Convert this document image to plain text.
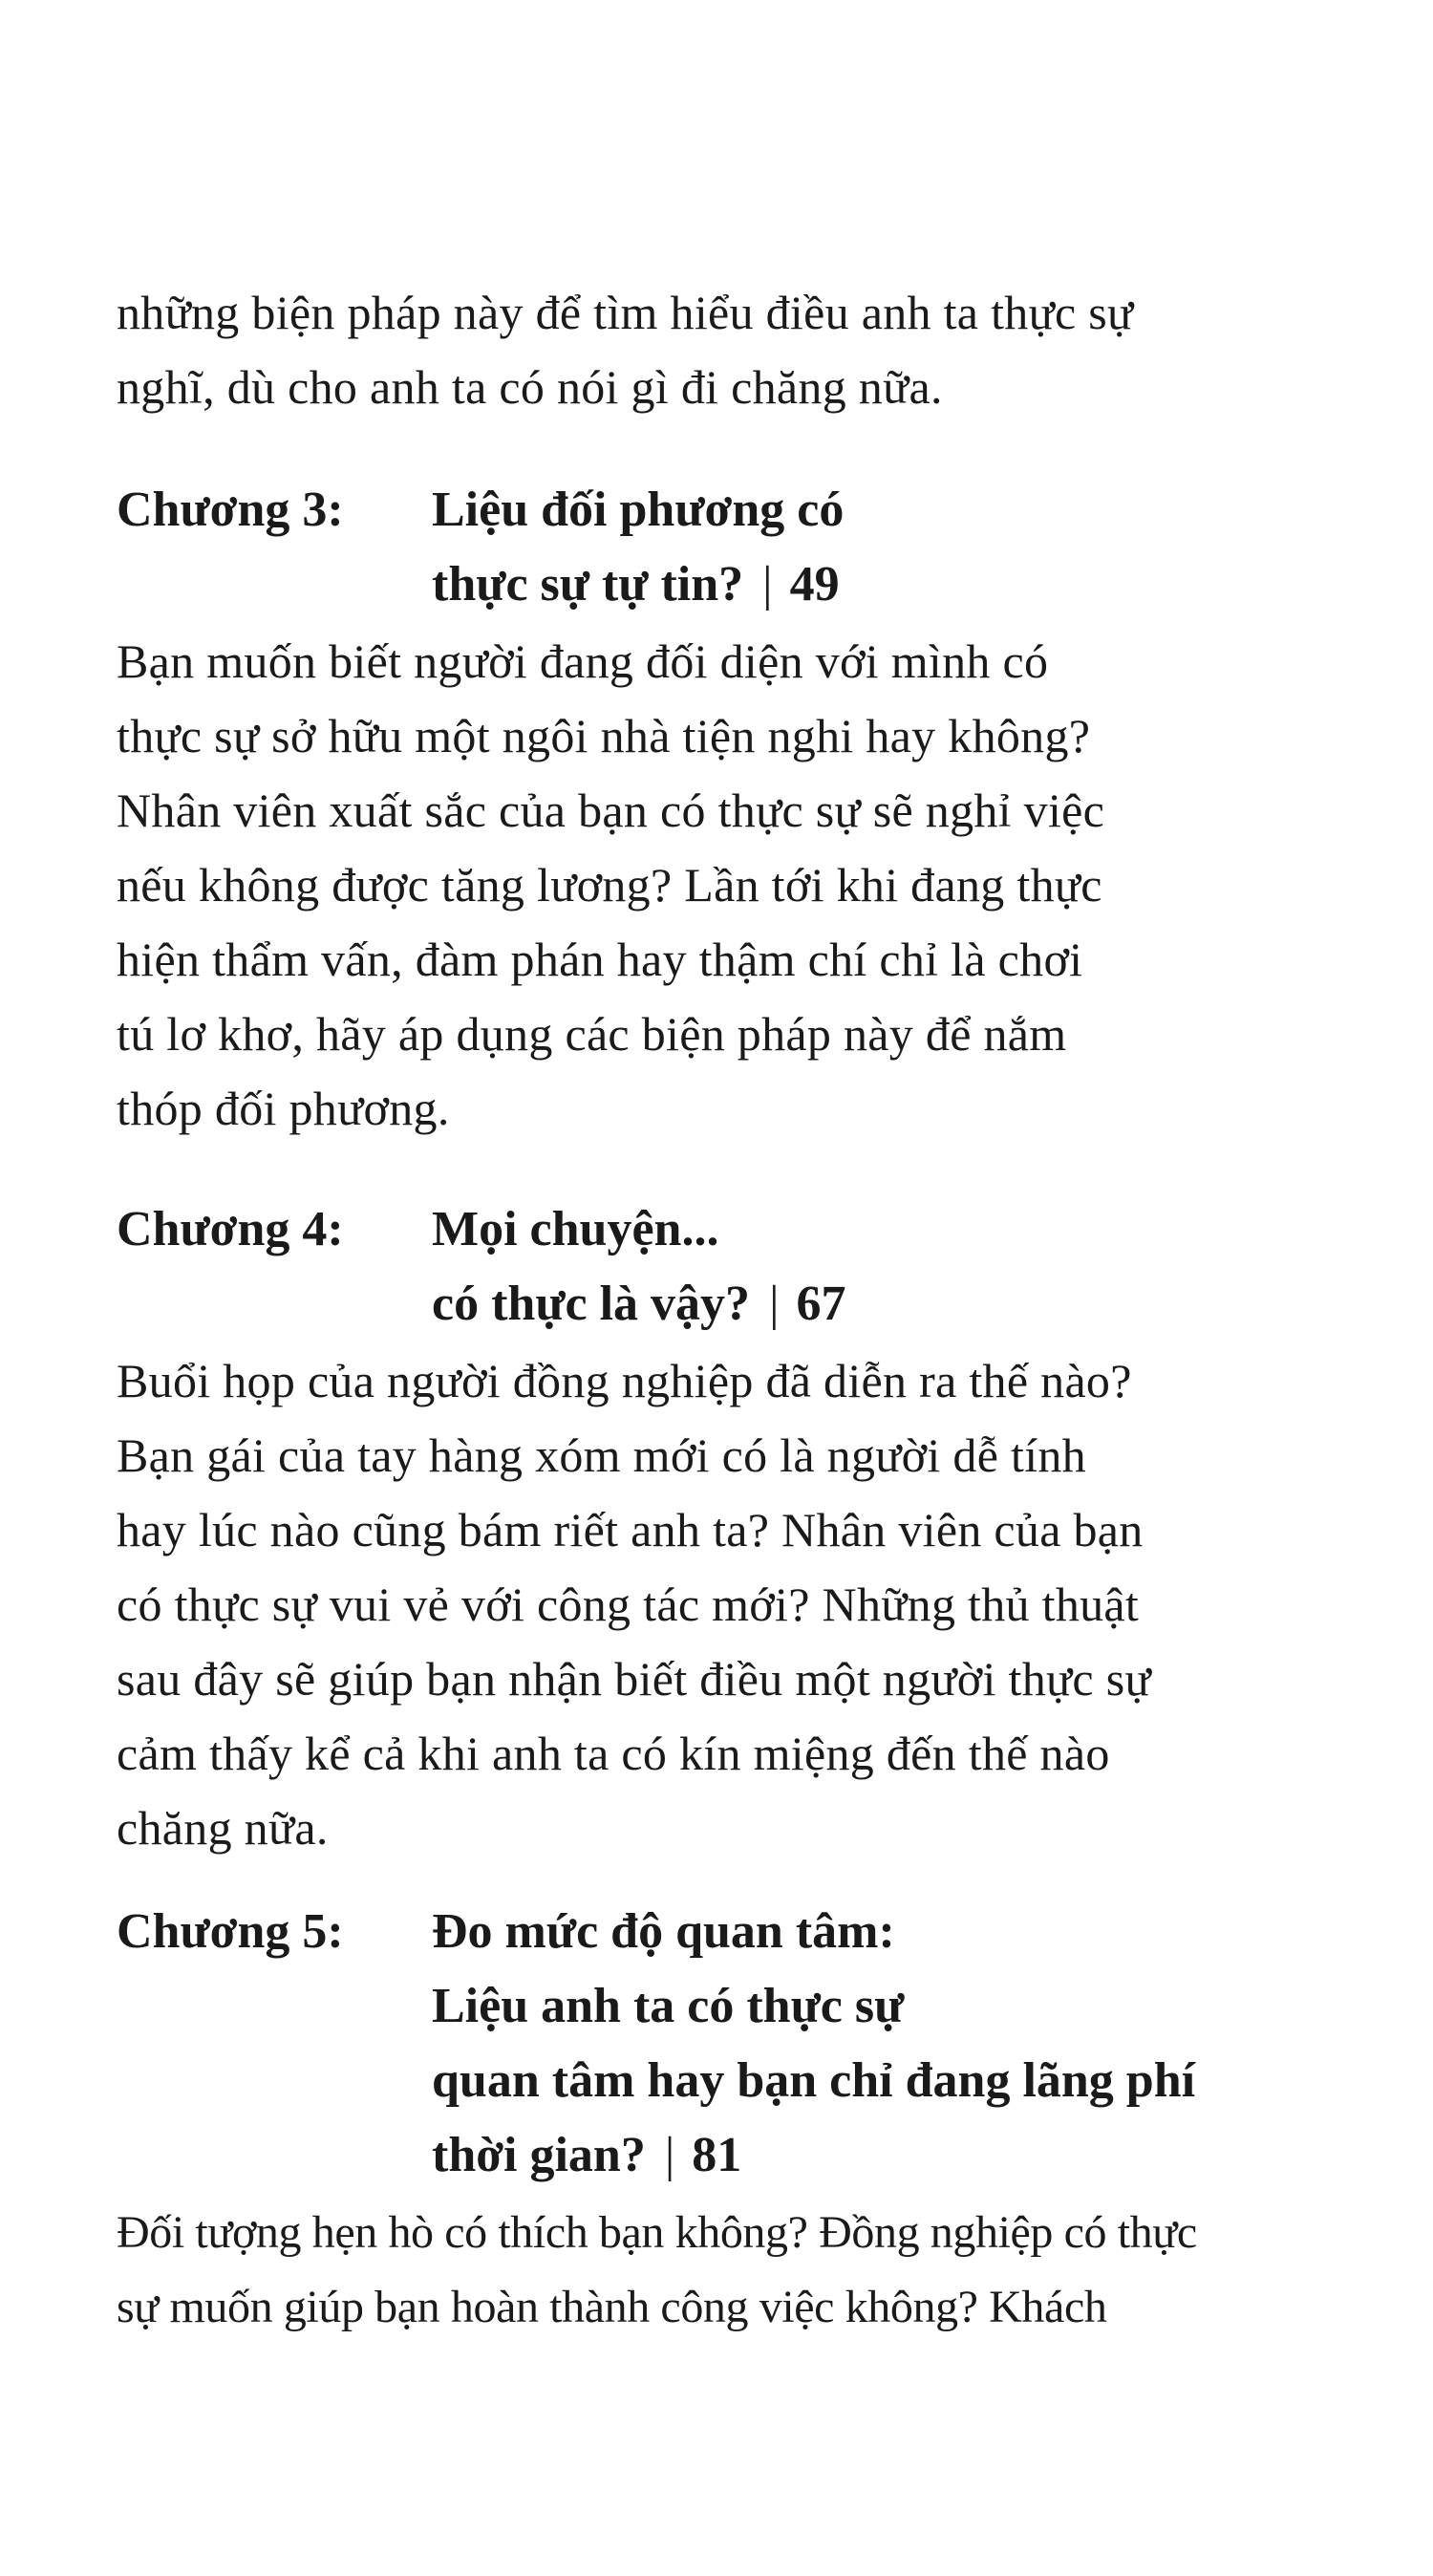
những biện pháp này để tìm hiểu điều anh ta thực sự
nghĩ, dù cho anh ta có nói gì đi chăng nữa.
Chương 3: Liệu đối phương có
thực sự tự tin? | 49
Bạn muốn biết người đang đối diện với mình có
thực sự sở hữu một ngôi nhà tiện nghi hay không?
Nhân viên xuất sắc của bạn có thực sự sẽ nghỉ việc
nếu không được tăng lương? Lần tới khi đang thực
hiện thẩm vấn, đàm phán hay thậm chí chỉ là chơi
tú lơ khơ, hãy áp dụng các biện pháp này để nắm
thóp đối phương.
Chương 4: Mọi chuyện...
có thực là vậy? | 67
Buổi họp của người đồng nghiệp đã diễn ra thế nào?
Bạn gái của tay hàng xóm mới có là người dễ tính
hay lúc nào cũng bám riết anh ta? Nhân viên của bạn
có thực sự vui vẻ với công tác mới? Những thủ thuật
sau đây sẽ giúp bạn nhận biết điều một người thực sự
cảm thấy kể cả khi anh ta có kín miệng đến thế nào
chăng nữa.
Chương 5: Đo mức độ quan tâm:
Liệu anh ta có thực sự
quan tâm hay bạn chỉ đang lãng phí
thời gian? | 81
Đối tượng hẹn hò có thích bạn không? Đồng nghiệp có thực
sự muốn giúp bạn hoàn thành công việc không? Khách
